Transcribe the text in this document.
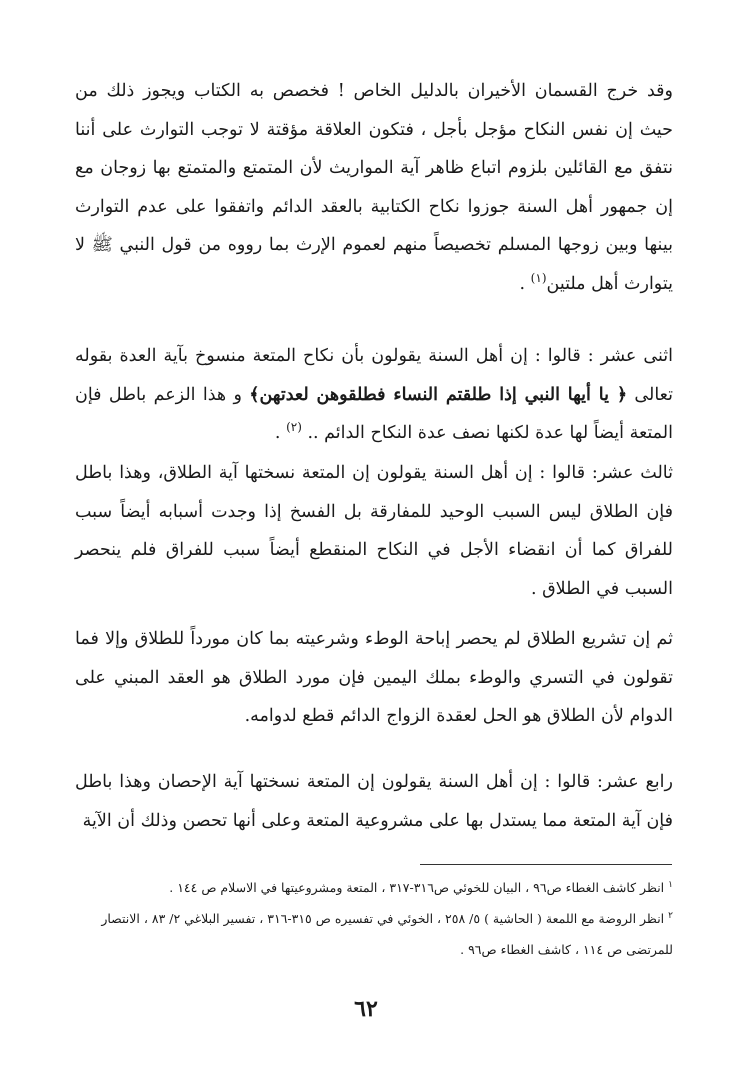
وقد خرج القسمان الأخيران بالدليل الخاص ! فخصص به الكتاب ويجوز ذلك من حيث إن نفس النكاح مؤجل بأجل ، فتكون العلاقة مؤقتة لا توجب التوارث على أننا نتفق مع القائلين بلزوم اتباع ظاهر آية المواريث لأن المتمتع والمتمتع بها زوجان مع إن جمهور أهل السنة جوزوا نكاح الكتابية بالعقد الدائم واتفقوا على عدم التوارث بينها وبين زوجها المسلم تخصيصاً منهم لعموم الإرث بما رووه من قول النبي ﷺ لا يتوارث أهل ملتين$^{(١)}$ .

اثنى عشر : قالوا : إن أهل السنة يقولون بأن نكاح المتعة منسوخ بآية العدة بقوله تعالى ﴿ يا أيها النبي إذا طلقتم النساء فطلقوهن لعدتهن﴾ و هذا الزعم باطل فإن المتعة أيضاً لها عدة لكنها نصف عدة النكاح الدائم .. $^{(٢)}$ .

ثالث عشر: قالوا : إن أهل السنة يقولون إن المتعة نسختها آية الطلاق، وهذا باطل فإن الطلاق ليس السبب الوحيد للمفارقة بل الفسخ إذا وجدت أسبابه أيضاً سبب للفراق كما أن انقضاء الأجل في النكاح المنقطع أيضاً سبب للفراق فلم ينحصر السبب في الطلاق .

ثم إن تشريع الطلاق لم يحصر إباحة الوطء وشرعيته بما كان مورداً للطلاق وإلا فما تقولون في التسري والوطء بملك اليمين فإن مورد الطلاق هو العقد المبني على الدوام لأن الطلاق هو الحل لعقدة الزواج الدائم قطع لدوامه.

رابع عشر: قالوا : إن أهل السنة يقولون إن المتعة نسختها آية الإحصان وهذا باطل فإن آية المتعة مما يستدل بها على مشروعية المتعة وعلى أنها تحصن وذلك أن الآية

$^١$انظر كاشف الغطاء ص٩٦ ، البيان للخوئي ص٣١٦-٣١٧ ، المتعة ومشروعيتها في الاسلام ص ١٤٤ .

$^٢$انظر الروضة مع اللمعة ( الحاشية ) ٥/ ٢٥٨ ، الخوئي في تفسيره ص ٣١٥-٣١٦ ، تفسير البلاغي ٢/ ٨٣ ، الانتصار للمرتضى ص ١١٤ ، كاشف الغطاء ص٩٦ .

٦٢
